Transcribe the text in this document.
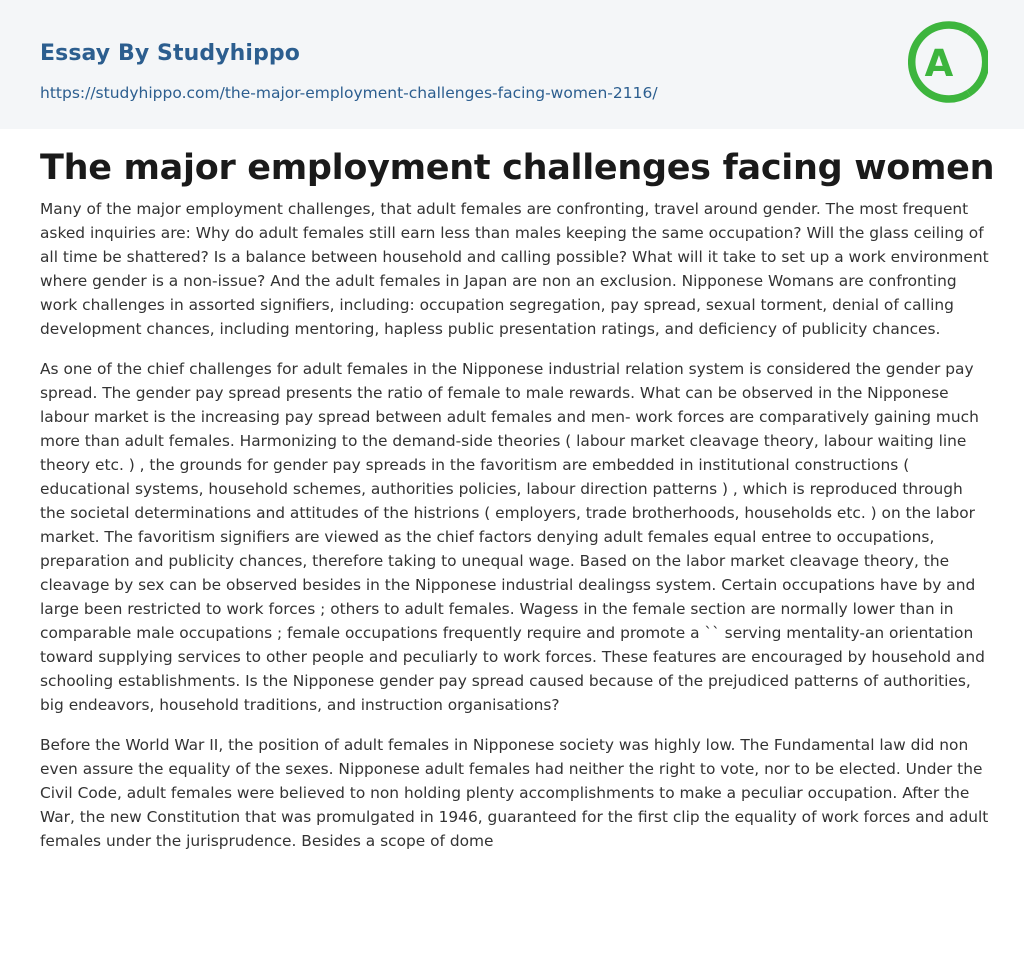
Essay By Studyhippo
https://studyhippo.com/the-major-employment-challenges-facing-women-2116/
A
The major employment challenges facing women

Many of the major employment challenges, that adult females are confronting, travel around gender. The most frequent asked inquiries are: Why do adult females still earn less than males keeping the same occupation? Will the glass ceiling of all time be shattered? Is a balance between household and calling possible? What will it take to set up a work environment where gender is a non-issue? And the adult females in Japan are non an exclusion. Nipponese Womans are confronting work challenges in assorted signifiers, including: occupation segregation, pay spread, sexual torment, denial of calling development chances, including mentoring, hapless public presentation ratings, and deficiency of publicity chances.

As one of the chief challenges for adult females in the Nipponese industrial relation system is considered the gender pay spread. The gender pay spread presents the ratio of female to male rewards. What can be observed in the Nipponese labour market is the increasing pay spread between adult females and men- work forces are comparatively gaining much more than adult females. Harmonizing to the demand-side theories ( labour market cleavage theory, labour waiting line theory etc. ) , the grounds for gender pay spreads in the favoritism are embedded in institutional constructions ( educational systems, household schemes, authorities policies, labour direction patterns ) , which is reproduced through the societal determinations and attitudes of the histrions ( employers, trade brotherhoods, households etc. ) on the labor market. The favoritism signifiers are viewed as the chief factors denying adult females equal entree to occupations, preparation and publicity chances, therefore taking to unequal wage. Based on the labor market cleavage theory, the cleavage by sex can be observed besides in the Nipponese industrial dealingss system. Certain occupations have by and large been restricted to work forces ; others to adult females. Wagess in the female section are normally lower than in comparable male occupations ; female occupations frequently require and promote a `` serving mentality-an orientation toward supplying services to other people and peculiarly to work forces. These features are encouraged by household and schooling establishments. Is the Nipponese gender pay spread caused because of the prejudiced patterns of authorities, big endeavors, household traditions, and instruction organisations?

Before the World War II, the position of adult females in Nipponese society was highly low. The Fundamental law did non even assure the equality of the sexes. Nipponese adult females had neither the right to vote, nor to be elected. Under the Civil Code, adult females were believed to non holding plenty accomplishments to make a peculiar occupation. After the War, the new Constitution that was promulgated in 1946, guaranteed for the first clip the equality of work forces and adult females under the jurisprudence. Besides a scope of dome
